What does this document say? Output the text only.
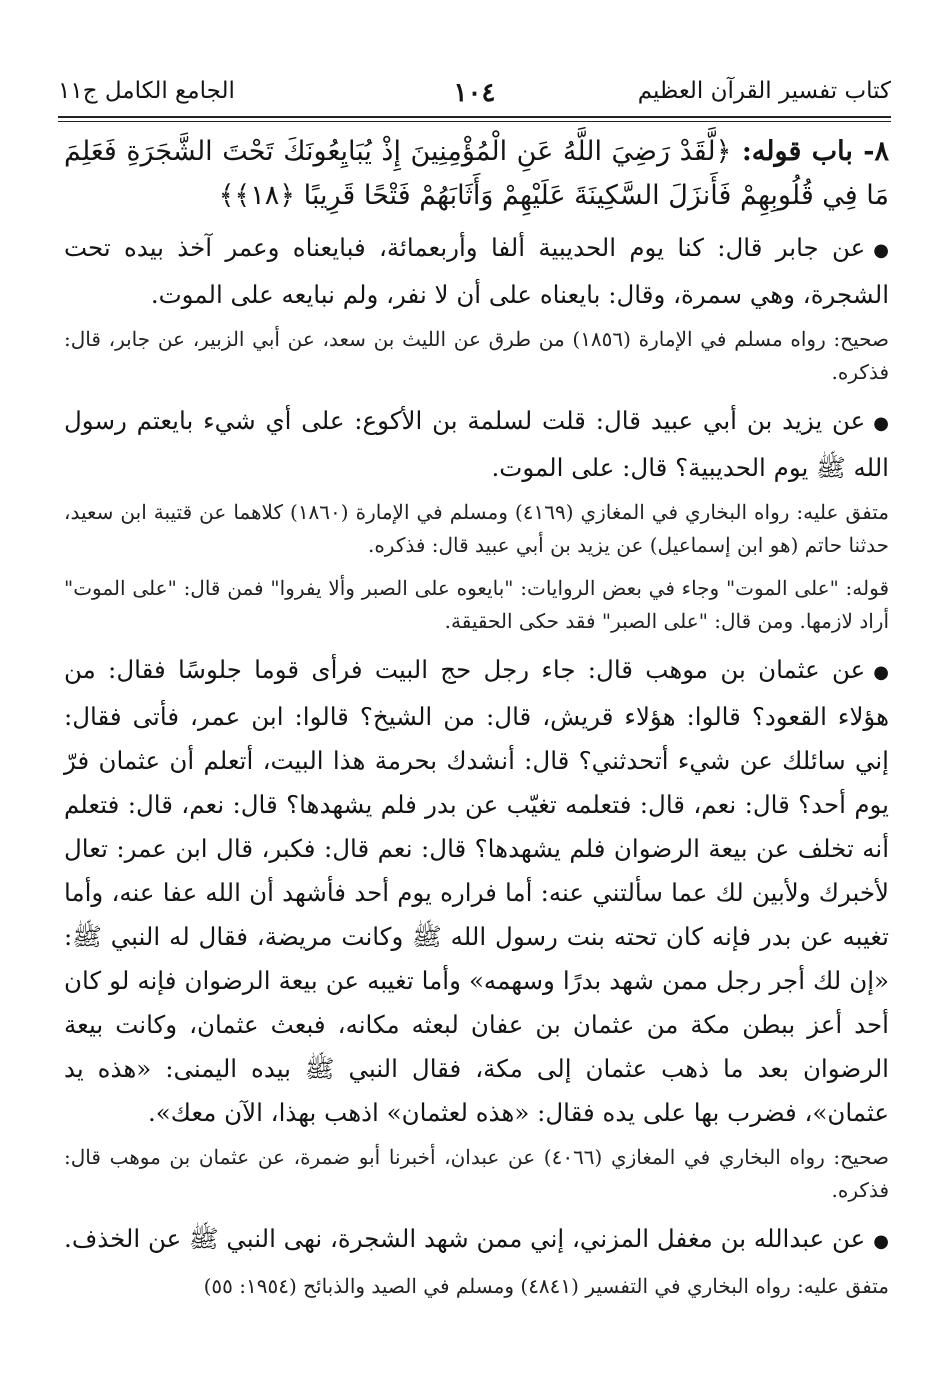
كتاب تفسير القرآن العظيم
١٠٤
الجامع الكامل ج١١
٨- باب قوله: ﴿لَّقَدْ رَضِيَ اللَّهُ عَنِ الْمُؤْمِنِينَ إِذْ يُبَايِعُونَكَ تَحْتَ الشَّجَرَةِ فَعَلِمَ مَا فِي قُلُوبِهِمْ فَأَنزَلَ السَّكِينَةَ عَلَيْهِمْ وَأَثَابَهُمْ فَتْحًا قَرِيبًا ﴿١٨﴾﴾

●عن جابر قال: كنا يوم الحديبية ألفا وأربعمائة، فبايعناه وعمر آخذ بيده تحت الشجرة، وهي سمرة، وقال: بايعناه على أن لا نفر، ولم نبايعه على الموت.

صحيح: رواه مسلم في الإمارة (١٨٥٦) من طرق عن الليث بن سعد، عن أبي الزبير، عن جابر، قال: فذكره.

●عن يزيد بن أبي عبيد قال: قلت لسلمة بن الأكوع: على أي شيء بايعتم رسول الله ﷺ يوم الحديبية؟ قال: على الموت.

متفق عليه: رواه البخاري في المغازي (٤١٦٩) ومسلم في الإمارة (١٨٦٠) كلاهما عن قتيبة ابن سعيد، حدثنا حاتم (هو ابن إسماعيل) عن يزيد بن أبي عبيد قال: فذكره.

قوله: "على الموت" وجاء في بعض الروايات: "بايعوه على الصبر وألا يفروا" فمن قال: "على الموت" أراد لازمها. ومن قال: "على الصبر" فقد حكى الحقيقة.

●عن عثمان بن موهب قال: جاء رجل حج البيت فرأى قوما جلوسًا فقال: من هؤلاء القعود؟ قالوا: هؤلاء قريش، قال: من الشيخ؟ قالوا: ابن عمر، فأتى فقال: إني سائلك عن شيء أتحدثني؟ قال: أنشدك بحرمة هذا البيت، أتعلم أن عثمان فرّ يوم أحد؟ قال: نعم، قال: فتعلمه تغيّب عن بدر فلم يشهدها؟ قال: نعم، قال: فتعلم أنه تخلف عن بيعة الرضوان فلم يشهدها؟ قال: نعم قال: فكبر، قال ابن عمر: تعال لأخبرك ولأبين لك عما سألتني عنه: أما فراره يوم أحد فأشهد أن الله عفا عنه، وأما تغيبه عن بدر فإنه كان تحته بنت رسول الله ﷺ وكانت مريضة، فقال له النبي ﷺ: «إن لك أجر رجل ممن شهد بدرًا وسهمه» وأما تغيبه عن بيعة الرضوان فإنه لو كان أحد أعز ببطن مكة من عثمان بن عفان لبعثه مكانه، فبعث عثمان، وكانت بيعة الرضوان بعد ما ذهب عثمان إلى مكة، فقال النبي ﷺ بيده اليمنى: «هذه يد عثمان»، فضرب بها على يده فقال: «هذه لعثمان» اذهب بهذا، الآن معك».

صحيح: رواه البخاري في المغازي (٤٠٦٦) عن عبدان، أخبرنا أبو ضمرة، عن عثمان بن موهب قال: فذكره.

●عن عبدالله بن مغفل المزني، إني ممن شهد الشجرة، نهى النبي ﷺ عن الخذف.

متفق عليه: رواه البخاري في التفسير (٤٨٤١) ومسلم في الصيد والذبائح (١٩٥٤: ٥٥)
